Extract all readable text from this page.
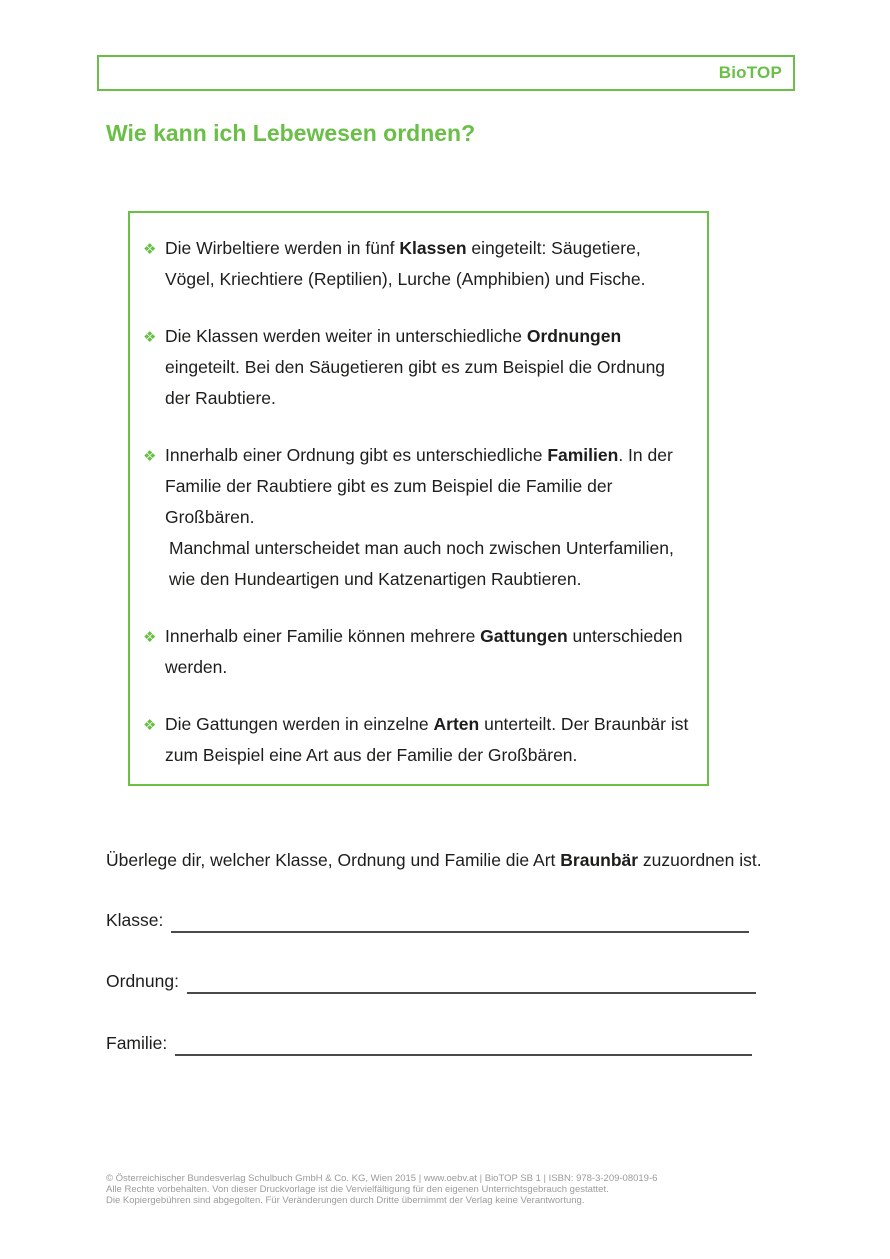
BioTOP
Wie kann ich Lebewesen ordnen?
❖ Die Wirbeltiere werden in fünf Klassen eingeteilt: Säugetiere, Vögel, Kriechtiere (Reptilien), Lurche (Amphibien) und Fische.
❖ Die Klassen werden weiter in unterschiedliche Ordnungen eingeteilt. Bei den Säugetieren gibt es zum Beispiel die Ordnung der Raubtiere.
❖ Innerhalb einer Ordnung gibt es unterschiedliche Familien. In der Familie der Raubtiere gibt es zum Beispiel die Familie der Großbären.
Manchmal unterscheidet man auch noch zwischen Unterfamilien, wie den Hundeartigen und Katzenartigen Raubtieren.
❖ Innerhalb einer Familie können mehrere Gattungen unterschieden werden.
❖ Die Gattungen werden in einzelne Arten unterteilt. Der Braunbär ist zum Beispiel eine Art aus der Familie der Großbären.
Überlege dir, welcher Klasse, Ordnung und Familie die Art Braunbär zuzuordnen ist.
Klasse:
Ordnung:
Familie:
© Österreichischer Bundesverlag Schulbuch GmbH & Co. KG, Wien 2015 | www.oebv.at | BioTOP SB 1 | ISBN: 978-3-209-08019-6
Alle Rechte vorbehalten. Von dieser Druckvorlage ist die Vervielfältigung für den eigenen Unterrichtsgebrauch gestattet.
Die Kopiergebühren sind abgegolten. Für Veränderungen durch Dritte übernimmt der Verlag keine Verantwortung.
